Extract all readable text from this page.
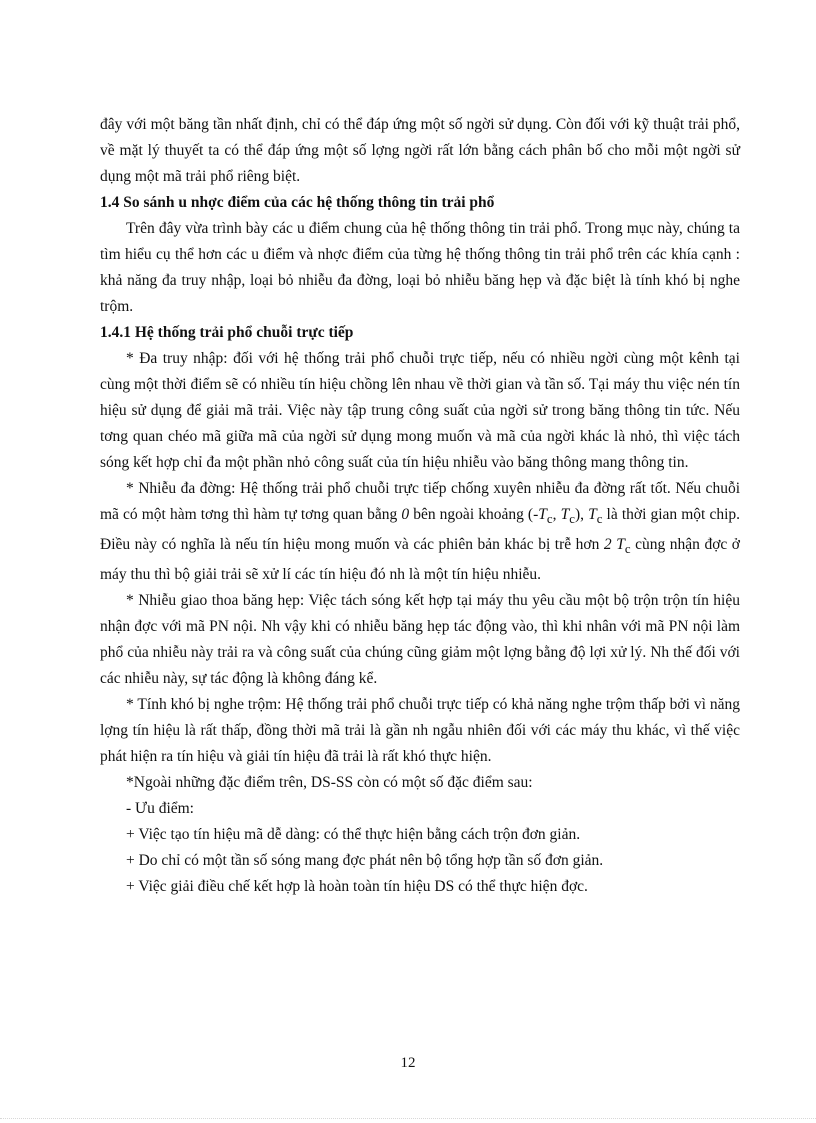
đây với một băng tần nhất định, chỉ có thể đáp ứng một số ngời sử dụng. Còn đối với kỹ thuật trải phổ, về mặt lý thuyết ta có thể đáp ứng một số lợng ngời rất lớn bằng cách phân bố cho mỗi một ngời sử dụng một mã trải phổ riêng biệt.

1.4 So sánh u nhợc điểm của các hệ thống thông tin trải phổ

Trên đây vừa trình bày các u điểm chung của hệ thống thông tin trải phổ. Trong mục này, chúng ta tìm hiểu cụ thể hơn các u điểm và nhợc điểm của từng hệ thống thông tin trải phổ trên các khía cạnh : khả năng đa truy nhập, loại bỏ nhiễu đa đờng, loại bỏ nhiễu băng hẹp và đặc biệt là tính khó bị nghe trộm.

1.4.1 Hệ thống trải phổ chuỗi trực tiếp

* Đa truy nhập: đối với hệ thống trải phổ chuỗi trực tiếp, nếu có nhiều ngời cùng một kênh tại cùng một thời điểm sẽ có nhiều tín hiệu chồng lên nhau về thời gian và tần số. Tại máy thu việc nén tín hiệu sử dụng để giải mã trải. Việc này tập trung công suất của ngời sử trong băng thông tin tức. Nếu tơng quan chéo mã giữa mã của ngời sử dụng mong muốn và mã của ngời khác là nhỏ, thì việc tách sóng kết hợp chỉ đa một phần nhỏ công suất của tín hiệu nhiễu vào băng thông mang thông tin.

* Nhiễu đa đờng: Hệ thống trải phổ chuỗi trực tiếp chống xuyên nhiễu đa đờng rất tốt. Nếu chuỗi mã có một hàm tơng thì hàm tự tơng quan bằng 0 bên ngoài khoảng ($-T_c$, $T_c$), $T_c$ là thời gian một chip. Điều này có nghĩa là nếu tín hiệu mong muốn và các phiên bản khác bị trễ hơn 2 $T_c$ cùng nhận đợc ở máy thu thì bộ giải trải sẽ xử lí các tín hiệu đó nh là một tín hiệu nhiễu.

* Nhiễu giao thoa băng hẹp: Việc tách sóng kết hợp tại máy thu yêu cầu một bộ trộn trộn tín hiệu nhận đợc với mã PN nội. Nh vậy khi có nhiễu băng hẹp tác động vào, thì khi nhân với mã PN nội làm phổ của nhiễu này trải ra và công suất của chúng cũng giảm một lợng bằng độ lợi xử lý. Nh thế đối với các nhiễu này, sự tác động là không đáng kể.

* Tính khó bị nghe trộm: Hệ thống trải phổ chuỗi trực tiếp có khả năng nghe trộm thấp bởi vì năng lợng tín hiệu là rất thấp, đồng thời mã trải là gần nh ngẫu nhiên đối với các máy thu khác, vì thế việc phát hiện ra tín hiệu và giải tín hiệu đã trải là rất khó thực hiện.

*Ngoài những đặc điểm trên, DS-SS còn có một số đặc điểm sau:
- Ưu điểm:
+ Việc tạo tín hiệu mã dễ dàng: có thể thực hiện bằng cách trộn đơn giản.
+ Do chỉ có một tần số sóng mang đợc phát nên bộ tổng hợp tần số đơn giản.
+ Việc giải điều chế kết hợp là hoàn toàn tín hiệu DS có thể thực hiện đợc.
12
